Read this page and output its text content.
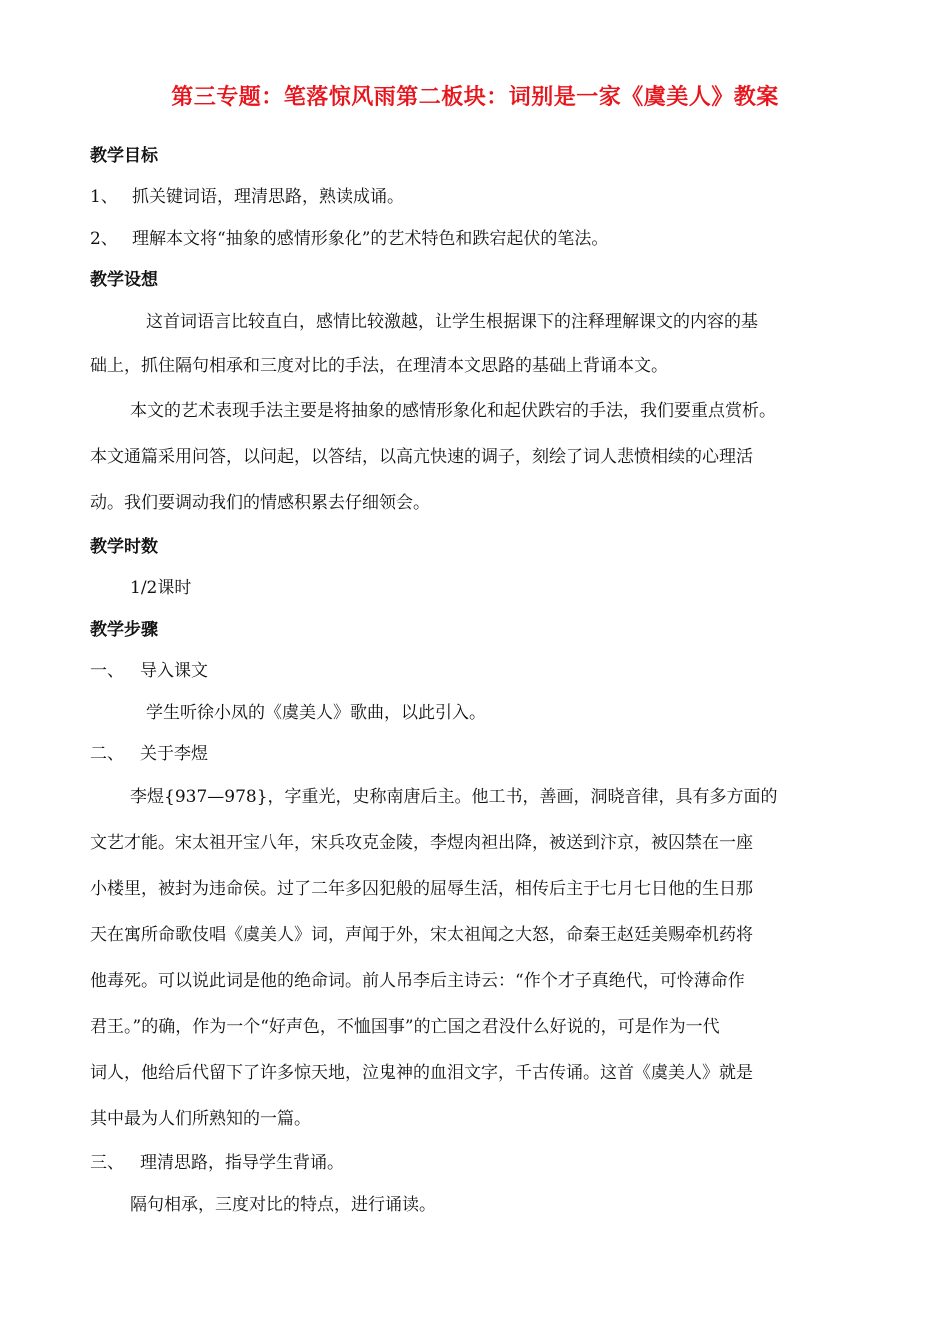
第三专题：笔落惊风雨第二板块：词别是一家《虞美人》教案
教学目标
1、 抓关键词语，理清思路，熟读成诵。
2、 理解本文将“抽象的感情形象化”的艺术特色和跌宕起伏的笔法。
教学设想
这首词语言比较直白，感情比较激越，让学生根据课下的注释理解课文的内容的基
础上，抓住隔句相承和三度对比的手法，在理清本文思路的基础上背诵本文。
本文的艺术表现手法主要是将抽象的感情形象化和起伏跌宕的手法，我们要重点赏析。
本文通篇采用问答，以问起，以答结，以高亢快速的调子，刻绘了词人悲愤相续的心理活
动。我们要调动我们的情感积累去仔细领会。
教学时数
1/2课时
教学步骤
一、 导入课文
学生听徐小凤的《虞美人》歌曲，以此引入。
二、 关于李煜
李煜{937—978}，字重光，史称南唐后主。他工书，善画，洞晓音律，具有多方面的
文艺才能。宋太祖开宝八年，宋兵攻克金陵，李煜肉袒出降，被送到汴京，被囚禁在一座
小楼里，被封为违命侯。过了二年多囚犯般的屈辱生活，相传后主于七月七日他的生日那
天在寓所命歌伎唱《虞美人》词，声闻于外，宋太祖闻之大怒，命秦王赵廷美赐牵机药将
他毒死。可以说此词是他的绝命词。前人吊李后主诗云：“作个才子真绝代，可怜薄命作
君王。”的确，作为一个“好声色，不恤国事”的亡国之君没什么好说的，可是作为一代
词人，他给后代留下了许多惊天地，泣鬼神的血泪文字，千古传诵。这首《虞美人》就是
其中最为人们所熟知的一篇。
三、 理清思路，指导学生背诵。
隔句相承，三度对比的特点，进行诵读。
